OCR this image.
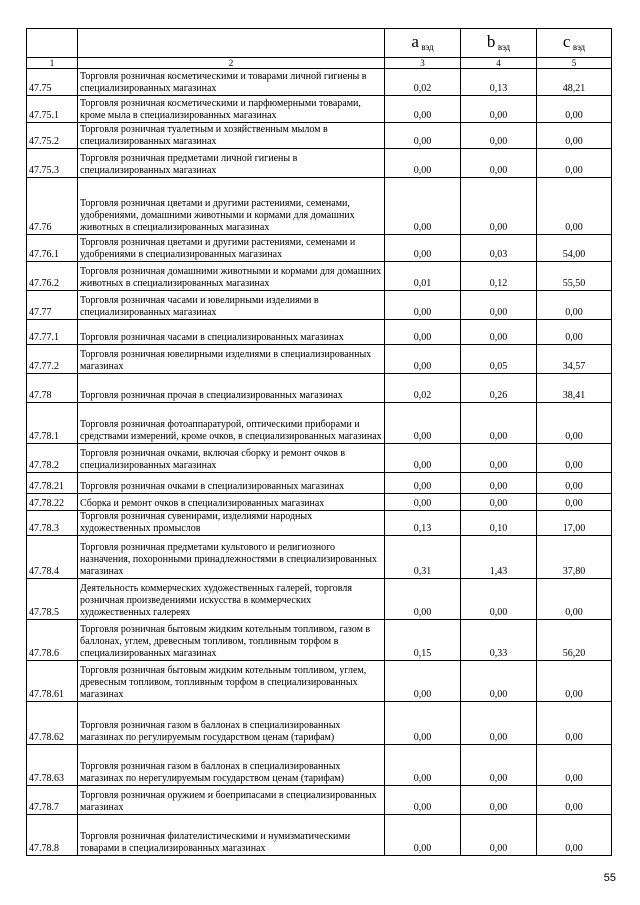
		a вэд	b вэд	c вэд
1	2	3	4	5
47.75	Торговля розничная косметическими и товарами личной гигиены в специализированных магазинах	0,02	0,13	48,21
47.75.1	Торговля розничная косметическими и парфюмерными товарами, кроме мыла в специализированных магазинах	0,00	0,00	0,00
47.75.2	Торговля розничная туалетным и хозяйственным мылом в специализированных магазинах	0,00	0,00	0,00
47.75.3	Торговля розничная предметами личной гигиены в специализированных магазинах	0,00	0,00	0,00
47.76	Торговля розничная цветами и другими растениями, семенами, удобрениями, домашними животными и кормами для домашних животных в специализированных магазинах	0,00	0,00	0,00
47.76.1	Торговля розничная цветами и другими растениями, семенами и удобрениями в специализированных магазинах	0,00	0,03	54,00
47.76.2	Торговля розничная домашними животными и кормами для домашних животных в специализированных магазинах	0,01	0,12	55,50
47.77	Торговля розничная часами и ювелирными изделиями в специализированных магазинах	0,00	0,00	0,00
47.77.1	Торговля розничная часами в специализированных магазинах	0,00	0,00	0,00
47.77.2	Торговля розничная ювелирными изделиями в специализированных магазинах	0,00	0,05	34,57
47.78	Торговля розничная прочая в специализированных магазинах	0,02	0,26	38,41
47.78.1	Торговля розничная фотоаппаратурой, оптическими приборами и средствами измерений, кроме очков, в специализированных магазинах	0,00	0,00	0,00
47.78.2	Торговля розничная очками, включая сборку и ремонт очков в специализированных магазинах	0,00	0,00	0,00
47.78.21	Торговля розничная очками в специализированных магазинах	0,00	0,00	0,00
47.78.22	Сборка и ремонт очков в специализированных магазинах	0,00	0,00	0,00
47.78.3	Торговля розничная сувенирами, изделиями народных художественных промыслов	0,13	0,10	17,00
47.78.4	Торговля розничная предметами культового и религиозного назначения, похоронными принадлежностями в специализированных магазинах	0,31	1,43	37,80
47.78.5	Деятельность коммерческих художественных галерей, торговля розничная произведениями искусства в коммерческих художественных галереях	0,00	0,00	0,00
47.78.6	Торговля розничная бытовым жидким котельным топливом, газом в баллонах, углем, древесным топливом, топливным торфом в специализированных магазинах	0,15	0,33	56,20
47.78.61	Торговля розничная бытовым жидким котельным топливом, углем, древесным топливом, топливным торфом в специализированных магазинах	0,00	0,00	0,00
47.78.62	Торговля розничная газом в баллонах в специализированных магазинах по регулируемым государством ценам (тарифам)	0,00	0,00	0,00
47.78.63	Торговля розничная газом в баллонах в специализированных магазинах по нерегулируемым государством ценам (тарифам)	0,00	0,00	0,00
47.78.7	Торговля розничная оружием и боеприпасами в специализированных магазинах	0,00	0,00	0,00
47.78.8	Торговля розничная филателистическими и нумизматическими товарами в специализированных магазинах	0,00	0,00	0,00
55
